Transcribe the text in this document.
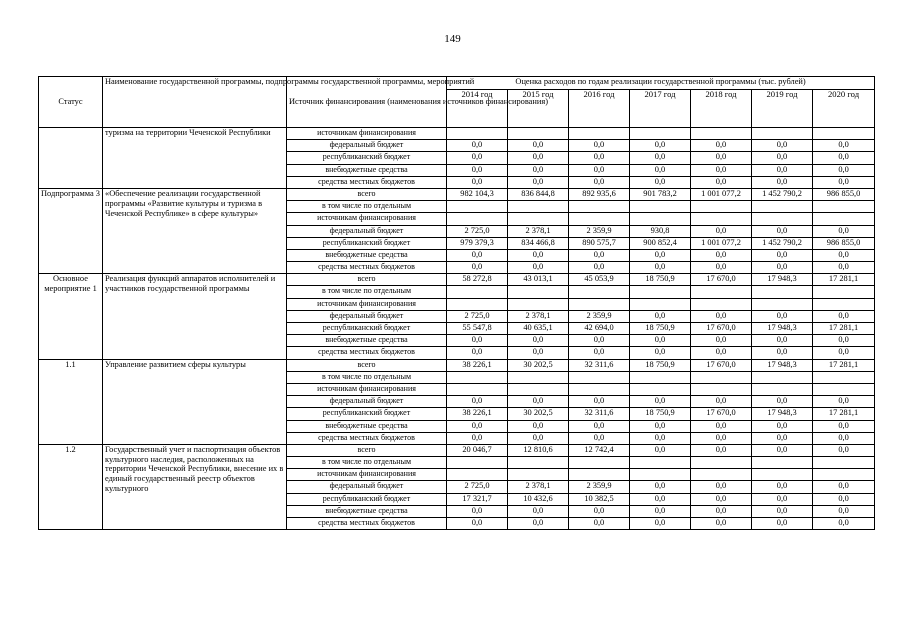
149
Статус	Наименование государственной программы, подпрограммы государственной программы, мероприятий	Источник финансирования (наименования источников финансирования)	Оценка расходов по годам реализации государственной программы (тыс. рублей)						
			2014 год	2015 год	2016 год	2017 год	2018 год	2019 год	2020 год
	туризма на территории Чеченской Республики	источникам финансирования							
		федеральный бюджет	0,0	0,0	0,0	0,0	0,0	0,0	0,0
		республиканский бюджет	0,0	0,0	0,0	0,0	0,0	0,0	0,0
		внебюджетные средства	0,0	0,0	0,0	0,0	0,0	0,0	0,0
		средства местных бюджетов	0,0	0,0	0,0	0,0	0,0	0,0	0,0
Подпрограмма 3	«Обеспечение реализации государственной программы «Развитие культуры и туризма в Чеченской Республике» в сфере культуры»	всего	982 104,3	836 844,8	892 935,6	901 783,2	1 001 077,2	1 452 790,2	986 855,0
		в том числе по отдельным							
		источникам финансирования							
		федеральный бюджет	2 725,0	2 378,1	2 359,9	930,8	0,0	0,0	0,0
		республиканский бюджет	979 379,3	834 466,8	890 575,7	900 852,4	1 001 077,2	1 452 790,2	986 855,0
		внебюджетные средства	0,0	0,0	0,0	0,0	0,0	0,0	0,0
		средства местных бюджетов	0,0	0,0	0,0	0,0	0,0	0,0	0,0
Основное мероприятие 1	Реализация функций аппаратов исполнителей и участников государственной программы	всего	58 272,8	43 013,1	45 053,9	18 750,9	17 670,0	17 948,3	17 281,1
		в том числе по отдельным							
		источникам финансирования							
		федеральный бюджет	2 725,0	2 378,1	2 359,9	0,0	0,0	0,0	0,0
		республиканский бюджет	55 547,8	40 635,1	42 694,0	18 750,9	17 670,0	17 948,3	17 281,1
		внебюджетные средства	0,0	0,0	0,0	0,0	0,0	0,0	0,0
		средства местных бюджетов	0,0	0,0	0,0	0,0	0,0	0,0	0,0
1.1	Управление развитием сферы культуры	всего	38 226,1	30 202,5	32 311,6	18 750,9	17 670,0	17 948,3	17 281,1
		в том числе по отдельным							
		источникам финансирования							
		федеральный бюджет	0,0	0,0	0,0	0,0	0,0	0,0	0,0
		республиканский бюджет	38 226,1	30 202,5	32 311,6	18 750,9	17 670,0	17 948,3	17 281,1
		внебюджетные средства	0,0	0,0	0,0	0,0	0,0	0,0	0,0
		средства местных бюджетов	0,0	0,0	0,0	0,0	0,0	0,0	0,0
1.2	Государственный учет и паспортизация объектов культурного наследия, расположенных на территории Чеченской Республики, внесение их в единый государственный реестр объектов культурного	всего	20 046,7	12 810,6	12 742,4	0,0	0,0	0,0	0,0
		в том числе по отдельным							
		источникам финансирования							
		федеральный бюджет	2 725,0	2 378,1	2 359,9	0,0	0,0	0,0	0,0
		республиканский бюджет	17 321,7	10 432,6	10 382,5	0,0	0,0	0,0	0,0
		внебюджетные средства	0,0	0,0	0,0	0,0	0,0	0,0	0,0
		средства местных бюджетов	0,0	0,0	0,0	0,0	0,0	0,0	0,0
